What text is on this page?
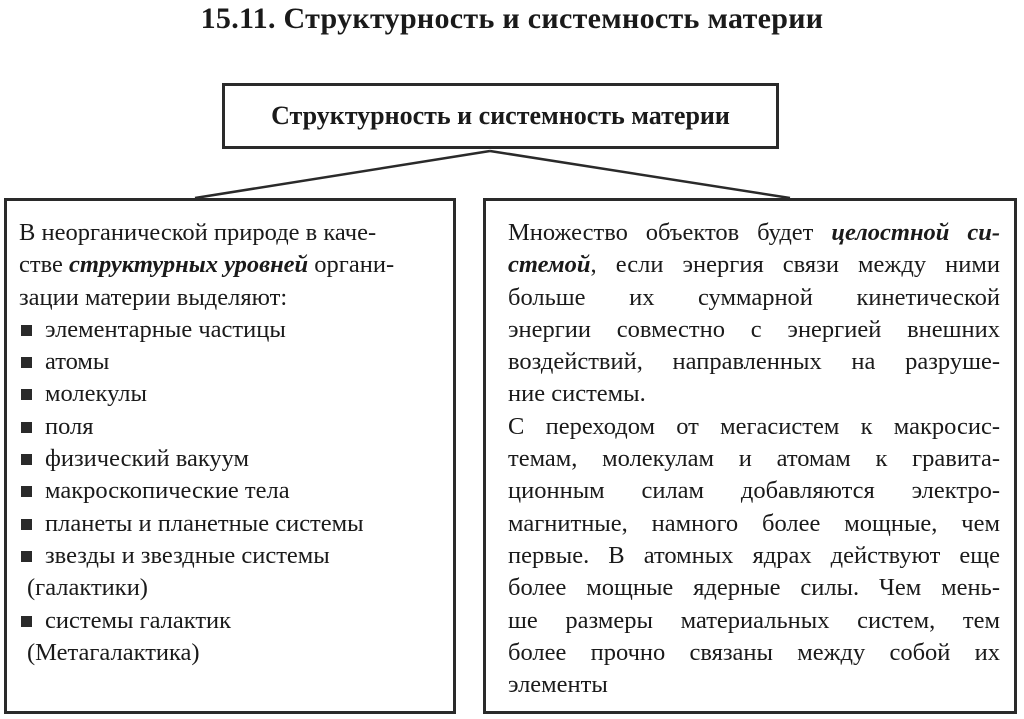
15.11. Структурность и системность материи
Структурность и системность материи
В неорганической природе в каче-
стве структурных уровней органи-
зации материи выделяют:
элементарные частицы
атомы
молекулы
поля
физический вакуум
макроскопические тела
планеты и планетные системы
звезды и звездные системы
(галактики)
системы галактик
(Метагалактика)
Множество объектов будет целостной си-
стемой, если энергия связи между ними
больше их суммарной кинетической
энергии совместно с энергией внешних
воздействий, направленных на разруше-
ние системы.
С переходом от мегасистем к макросис-
темам, молекулам и атомам к гравита-
ционным силам добавляются электро-
магнитные, намного более мощные, чем
первые. В атомных ядрах действуют еще
более мощные ядерные силы. Чем мень-
ше размеры материальных систем, тем
более прочно связаны между собой их
элементы
